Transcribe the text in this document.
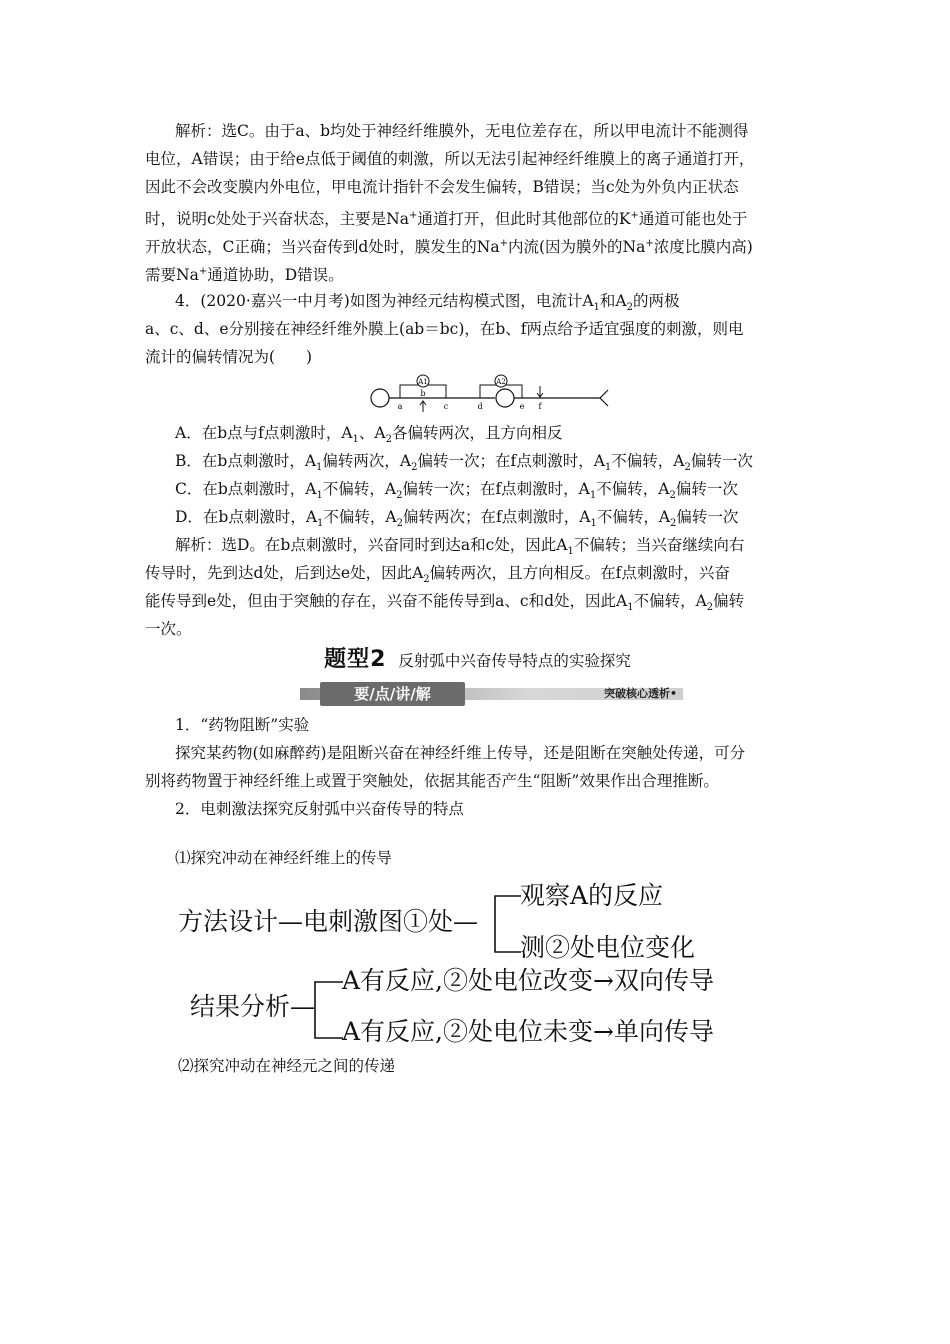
解析：选C。由于a、b均处于神经纤维膜外，无电位差存在，所以甲电流计不能测得
电位，A错误；由于给e点低于阈值的刺激，所以无法引起神经纤维膜上的离子通道打开，
因此不会改变膜内外电位，甲电流计指针不会发生偏转，B错误；当c处为外负内正状态
时，说明c处处于兴奋状态，主要是Na+通道打开，但此时其他部位的K+通道可能也处于
开放状态，C正确；当兴奋传到d处时，膜发生的Na+内流(因为膜外的Na+浓度比膜内高)
需要Na+通道协助，D错误。
4．(2020·嘉兴一中月考)如图为神经元结构模式图，电流计$A_1$和$A_2$的两极
a、c、d、e分别接在神经纤维外膜上(ab＝bc)，在b、f两点给予适宜强度的刺激，则电
流计的偏转情况为(　　)
A1	A2
a
b
c	d	e f
A．在b点与f点刺激时，$A_1$、$A_2$各偏转两次，且方向相反
B．在b点刺激时，$A_1$偏转两次，$A_2$偏转一次；在f点刺激时，$A_1$不偏转，$A_2$偏转一次
C．在b点刺激时，$A_1$不偏转，$A_2$偏转一次；在f点刺激时，$A_1$不偏转，$A_2$偏转一次
D．在b点刺激时，$A_1$不偏转，$A_2$偏转两次；在f点刺激时，$A_1$不偏转，$A_2$偏转一次
解析：选D。在b点刺激时，兴奋同时到达a和c处，因此$A_1$不偏转；当兴奋继续向右
传导时，先到达d处，后到达e处，因此$A_2$偏转两次，且方向相反。在f点刺激时，兴奋
能传导到e处，但由于突触的存在，兴奋不能传导到a、c和d处，因此$A_1$不偏转，$A_2$偏转
一次。
题型2 反射弧中兴奋传导特点的实验探究
要/点/讲/解	突破核心透析•
1．“药物阻断”实验
探究某药物(如麻醉药)是阻断兴奋在神经纤维上传导，还是阻断在突触处传递，可分
别将药物置于神经纤维上或置于突触处，依据其能否产生“阻断”效果作出合理推断。
2．电刺激法探究反射弧中兴奋传导的特点
⑴探究冲动在神经纤维上的传导
方法设计—电刺激图①处—
观察A的反应
测②处电位变化
结果分析—
A有反应,②处电位改变→双向传导
A有反应,②处电位未变→单向传导
⑵探究冲动在神经元之间的传递
